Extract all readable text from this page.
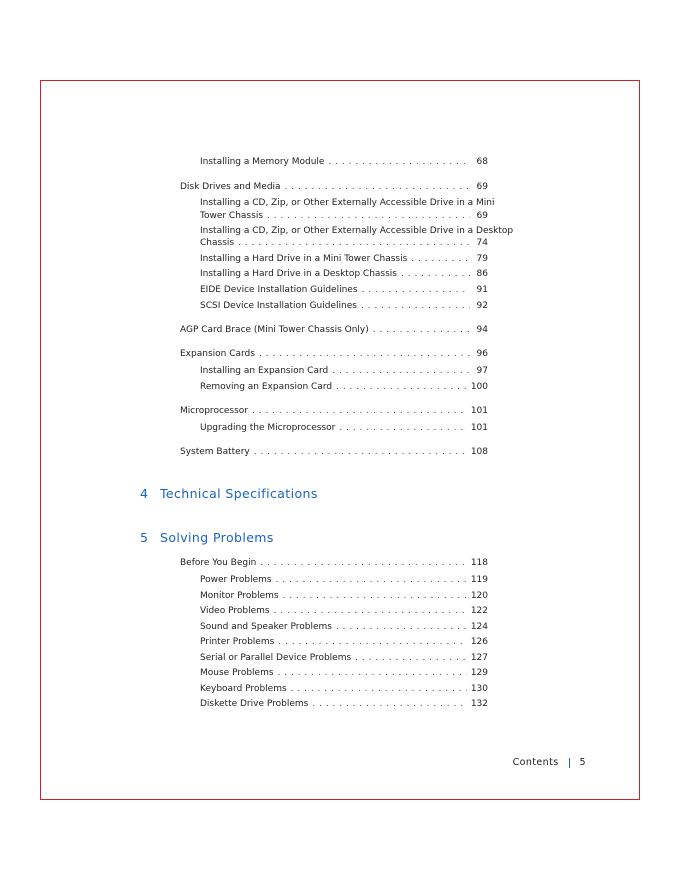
Installing a Memory Module . . .	68
Disk Drives and Media . . .	69
Installing a CD, Zip, or Other Externally Accessible Drive in a Mini
Tower Chassis . . .	69
Installing a CD, Zip, or Other Externally Accessible Drive in a Desktop
Chassis . . .	74
Installing a Hard Drive in a Mini Tower Chassis . . .	79
Installing a Hard Drive in a Desktop Chassis . . .	86
EIDE Device Installation Guidelines . . .	91
SCSI Device Installation Guidelines . . .	92
AGP Card Brace (Mini Tower Chassis Only) . . .	94
Expansion Cards . . .	96
Installing an Expansion Card . . .	97
Removing an Expansion Card . . .	100
Microprocessor . . .	101
Upgrading the Microprocessor . . .	101
System Battery . . .	108
4 Technical Specifications
5 Solving Problems
Before You Begin . . .	118
Power Problems . . .	119
Monitor Problems . . .	120
Video Problems . . .	122
Sound and Speaker Problems . . .	124
Printer Problems . . .	126
Serial or Parallel Device Problems . . .	127
Mouse Problems . . .	129
Keyboard Problems . . .	130
Diskette Drive Problems . . .	132
Contents 5
